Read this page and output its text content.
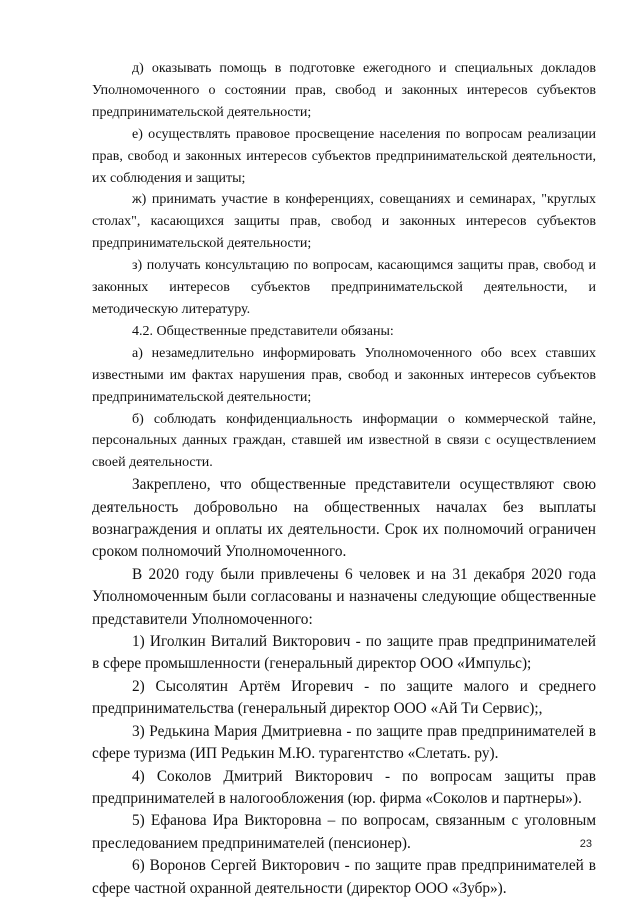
д) оказывать помощь в подготовке ежегодного и специальных докладов Уполномоченного о состоянии прав, свобод и законных интересов субъектов предпринимательской деятельности;

е) осуществлять правовое просвещение населения по вопросам реализации прав, свобод и законных интересов субъектов предпринимательской деятельности, их соблюдения и защиты;

ж) принимать участие в конференциях, совещаниях и семинарах, "круглых столах", касающихся защиты прав, свобод и законных интересов субъектов предпринимательской деятельности;

з) получать консультацию по вопросам, касающимся защиты прав, свобод и законных интересов субъектов предпринимательской деятельности, и методическую литературу.

4.2. Общественные представители обязаны:

а) незамедлительно информировать Уполномоченного обо всех ставших известными им фактах нарушения прав, свобод и законных интересов субъектов предпринимательской деятельности;

б) соблюдать конфиденциальность информации о коммерческой тайне, персональных данных граждан, ставшей им известной в связи с осуществлением своей деятельности.

Закреплено, что общественные представители осуществляют свою деятельность добровольно на общественных началах без выплаты вознаграждения и оплаты их деятельности. Срок их полномочий ограничен сроком полномочий Уполномоченного.

В 2020 году были привлечены 6 человек и на 31 декабря 2020 года Уполномоченным были согласованы и назначены следующие общественные представители Уполномоченного:

1) Иголкин Виталий Викторович - по защите прав предпринимателей в сфере промышленности (генеральный директор ООО «Импульс);

2) Сысолятин Артём Игоревич - по защите малого и среднего предпринимательства (генеральный директор ООО «Ай Ти Сервис);,

3) Редькина Мария Дмитриевна - по защите прав предпринимателей в сфере туризма (ИП Редькин М.Ю. турагентство «Слетать. ру).

4) Соколов Дмитрий Викторович - по вопросам защиты прав предпринимателей в налогообложения (юр. фирма «Соколов и партнеры»).

5) Ефанова Ира Викторовна – по вопросам, связанным с уголовным преследованием предпринимателей (пенсионер).

6) Воронов Сергей Викторович - по защите прав предпринимателей в сфере частной охранной деятельности (директор ООО «Зубр»).

23
